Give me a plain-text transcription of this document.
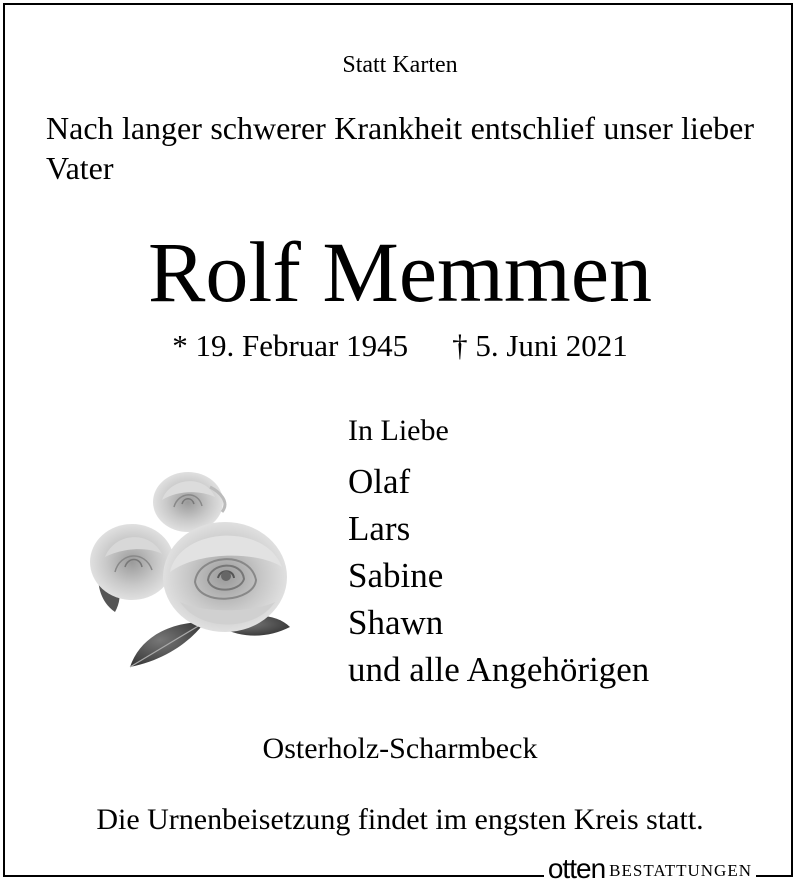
Statt Karten
Nach langer schwerer Krankheit entschlief unser lieber Vater
Rolf Memmen
* 19. Februar 1945 † 5. Juni 2021
In Liebe
Olaf
Lars
Sabine
Shawn
und alle Angehörigen
Osterholz-Scharmbeck
Die Urnenbeisetzung findet im engsten Kreis statt.
otten BESTATTUNGEN
